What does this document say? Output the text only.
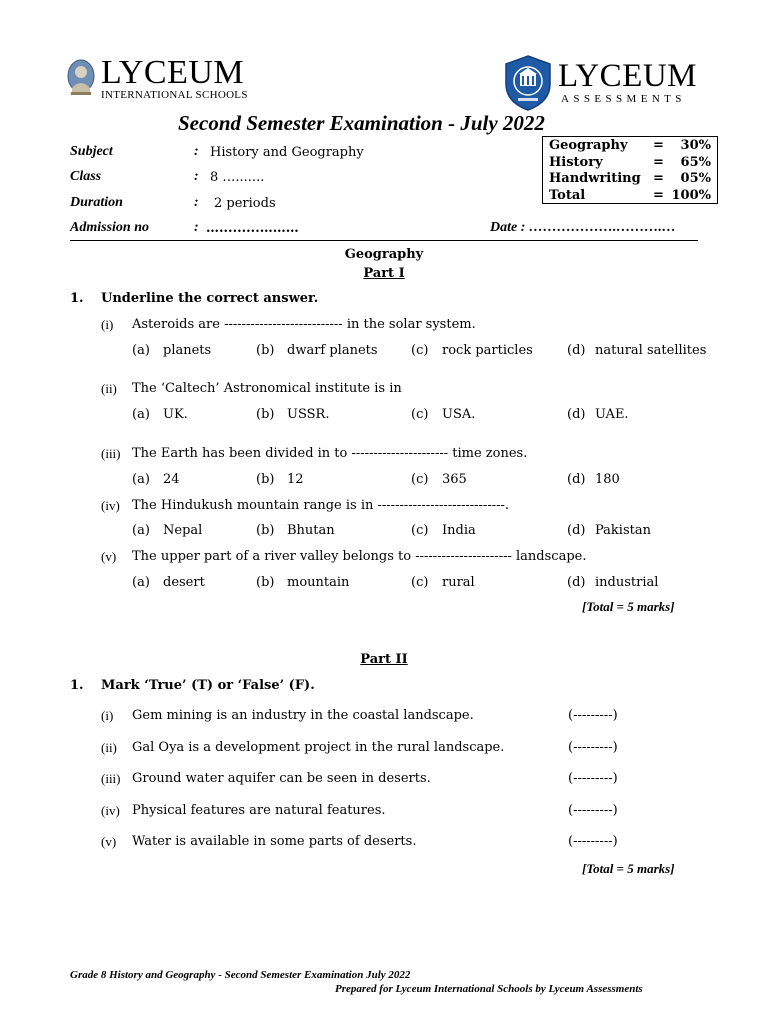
LYCEUM
INTERNATIONAL SCHOOLS
LYCEUM
ASSESSMENTS
Second Semester Examination - July 2022
Subject	: History and Geography
Class	: 8 ….......
Duration	: 2 periods
Admission no	: ….........………	Date : ……………….……….…
Geography = 30%
History	= 65%
Handwriting = 05%
Total	= 100%
Geography
Part I
1. Underline the correct answer.
(i) Asteroids are --------------------------- in the solar system.
(a) planets	(b) dwarf planets	(c) rock particles	(d) natural satellites
(ii) The ‘Caltech’ Astronomical institute is in
(a) UK.	(b) USSR.	(c) USA.	(d) UAE.
(iii) The Earth has been divided in to ---------------------- time zones.
(a) 24	(b) 12	(c) 365	(d) 180
(iv) The Hindukush mountain range is in -----------------------------.
(a) Nepal	(b) Bhutan	(c) India	(d) Pakistan
(v) The upper part of a river valley belongs to ---------------------- landscape.
(a) desert	(b) mountain	(c) rural	(d) industrial
[Total = 5 marks]
Part II
1. Mark ‘True’ (T) or ‘False’ (F).
(i) Gem mining is an industry in the coastal landscape.	(---------)
(ii) Gal Oya is a development project in the rural landscape.	(---------)
(iii) Ground water aquifer can be seen in deserts.	(---------)
(iv) Physical features are natural features.	(---------)
(v) Water is available in some parts of deserts.	(---------)
[Total = 5 marks]
Grade 8 History and Geography - Second Semester Examination July 2022
Prepared for Lyceum International Schools by Lyceum Assessments
